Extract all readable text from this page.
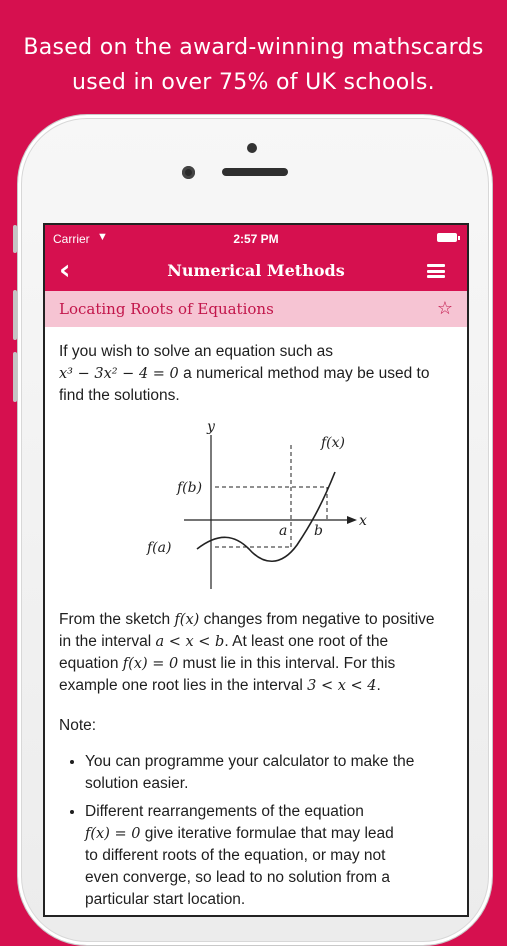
Based on the award-winning mathscards
used in over 75% of UK schools.
Carrier ▼	2:57 PM
‹	Numerical Methods
Locating Roots of Equations	☆

If you wish to solve an equation such as
x³ − 3x² − 4 = 0 a numerical method may be used to
find the solutions.

y
x
f(x)
f(b)
f(a)
a b

From the sketch f(x) changes from negative to positive
in the interval a < x < b. At least one root of the
equation f(x) = 0 must lie in this interval. For this
example one root lies in the interval 3 < x < 4.

Note:

• You can programme your calculator to make the
solution easier.
• Different rearrangements of the equation
f(x) = 0 give iterative formulae that may lead
to different roots of the equation, or may not
even converge, so lead to no solution from a
particular start location.
